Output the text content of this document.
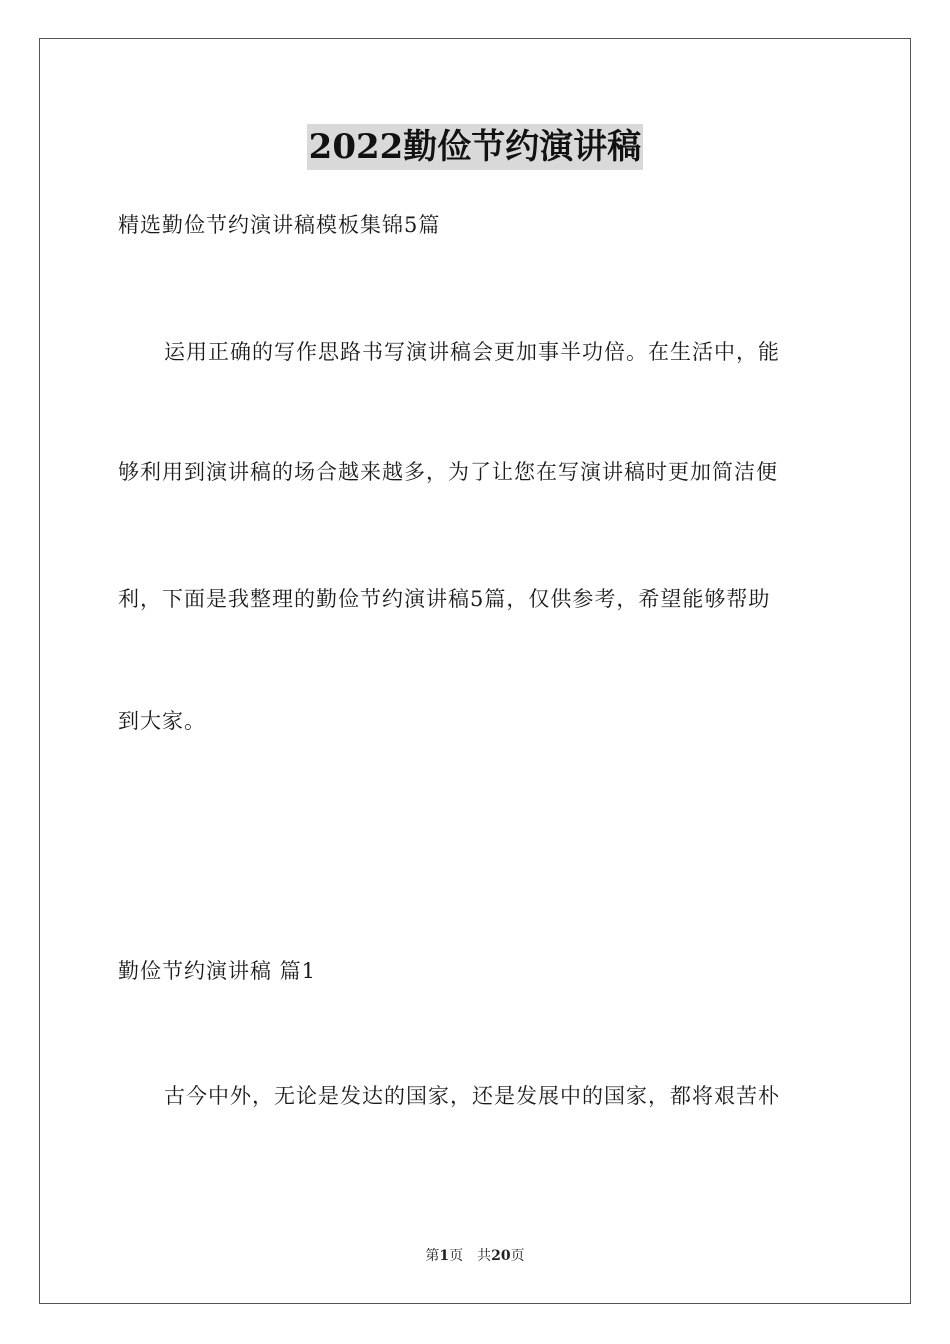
2022勤俭节约演讲稿
精选勤俭节约演讲稿模板集锦5篇
运用正确的写作思路书写演讲稿会更加事半功倍。在生活中，能
够利用到演讲稿的场合越来越多，为了让您在写演讲稿时更加简洁便
利，下面是我整理的勤俭节约演讲稿5篇，仅供参考，希望能够帮助
到大家。
勤俭节约演讲稿 篇1
古今中外，无论是发达的国家，还是发展中的国家，都将艰苦朴
第1页 共20页
